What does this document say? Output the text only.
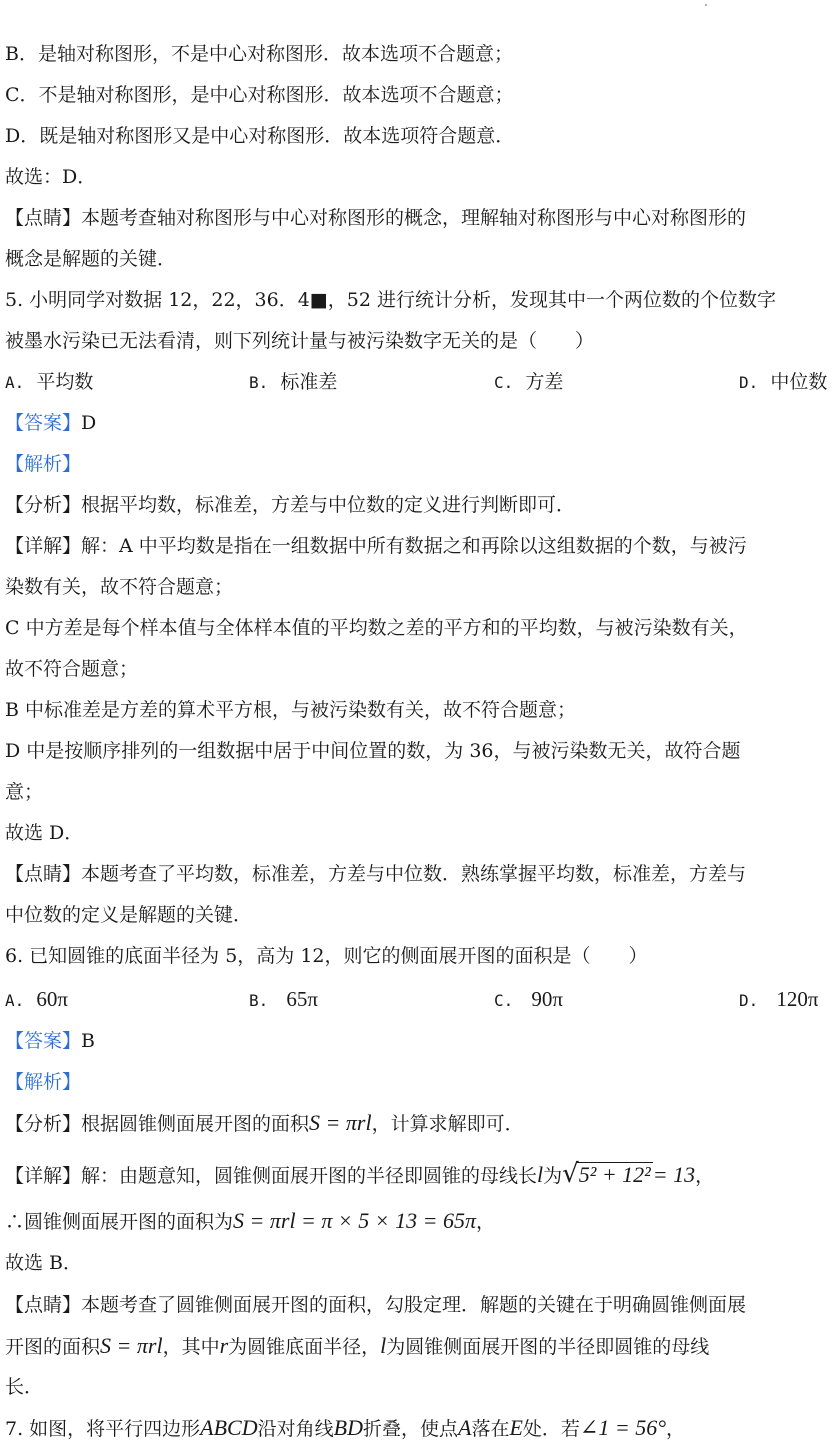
B．是轴对称图形，不是中心对称图形．故本选项不合题意；
C．不是轴对称图形，是中心对称图形．故本选项不合题意；
D．既是轴对称图形又是中心对称图形．故本选项符合题意．
故选：D．
【点睛】本题考查轴对称图形与中心对称图形的概念，理解轴对称图形与中心对称图形的
概念是解题的关键．
5. 小明同学对数据 12，22，36．4■，52 进行统计分析，发现其中一个两位数的个位数字
被墨水污染已无法看清，则下列统计量与被污染数字无关的是（　　）
A. 平均数	B. 标准差	C. 方差	D. 中位数
【答案】D
【解析】
【分析】根据平均数，标准差，方差与中位数的定义进行判断即可．
【详解】解：A 中平均数是指在一组数据中所有数据之和再除以这组数据的个数，与被污
染数有关，故不符合题意；
C 中方差是每个样本值与全体样本值的平均数之差的平方和的平均数，与被污染数有关，
故不符合题意；
B 中标准差是方差的算术平方根，与被污染数有关，故不符合题意；
D 中是按顺序排列的一组数据中居于中间位置的数，为 36，与被污染数无关，故符合题
意；
故选 D．
【点睛】本题考查了平均数，标准差，方差与中位数．熟练掌握平均数，标准差，方差与
中位数的定义是解题的关键．
6. 已知圆锥的底面半径为 5，高为 12，则它的侧面展开图的面积是（　　）
A. 60π	B. 65π	C. 90π	D. 120π
【答案】B
【解析】
【分析】根据圆锥侧面展开图的面积S = πrl，计算求解即可．
【详解】解：由题意知，圆锥侧面展开图的半径即圆锥的母线长l为√5² + 12²= 13，
∴圆锥侧面展开图的面积为S = πrl = π × 5 × 13 = 65π，
故选 B．
【点睛】本题考查了圆锥侧面展开图的面积，勾股定理．解题的关键在于明确圆锥侧面展
开图的面积S = πrl，其中r为圆锥底面半径，l为圆锥侧面展开图的半径即圆锥的母线
长．
7. 如图，将平行四边形ABCD沿对角线BD折叠，使点A落在E处．若∠1 = 56°，
